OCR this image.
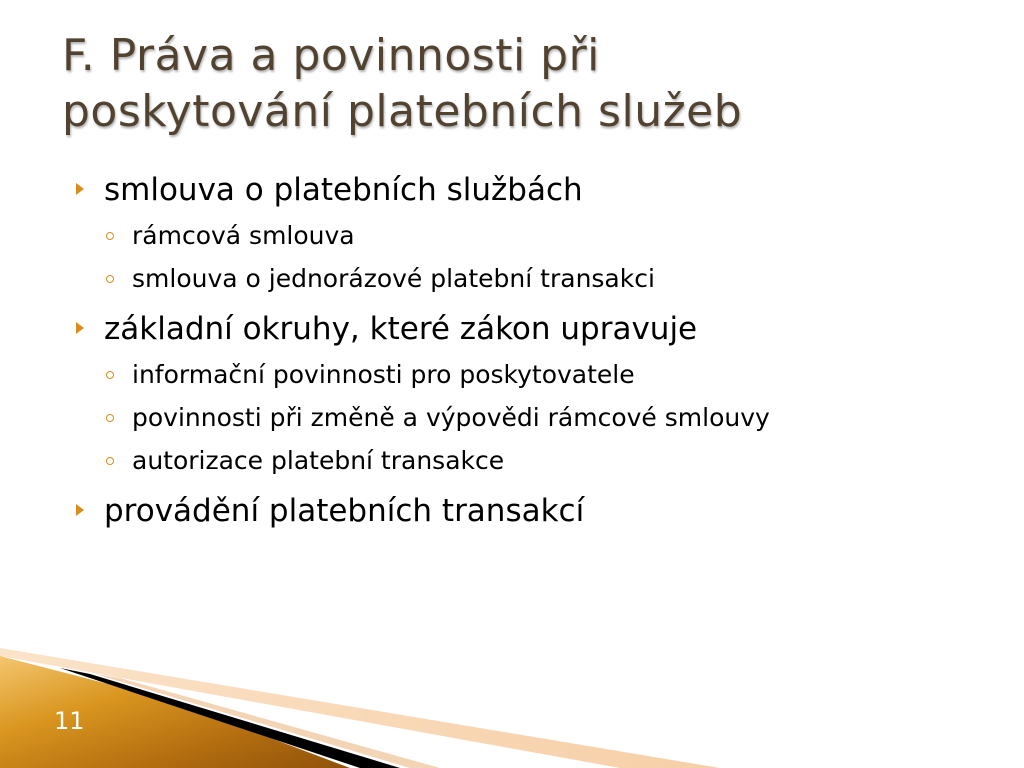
F. Práva a povinnosti při
poskytování platebních služeb
smlouva o platebních službách
rámcová smlouva
smlouva o jednorázové platební transakci
základní okruhy, které zákon upravuje
informační povinnosti pro poskytovatele
povinnosti při změně a výpovědi rámcové smlouvy
autorizace platební transakce
provádění platebních transakcí
11
